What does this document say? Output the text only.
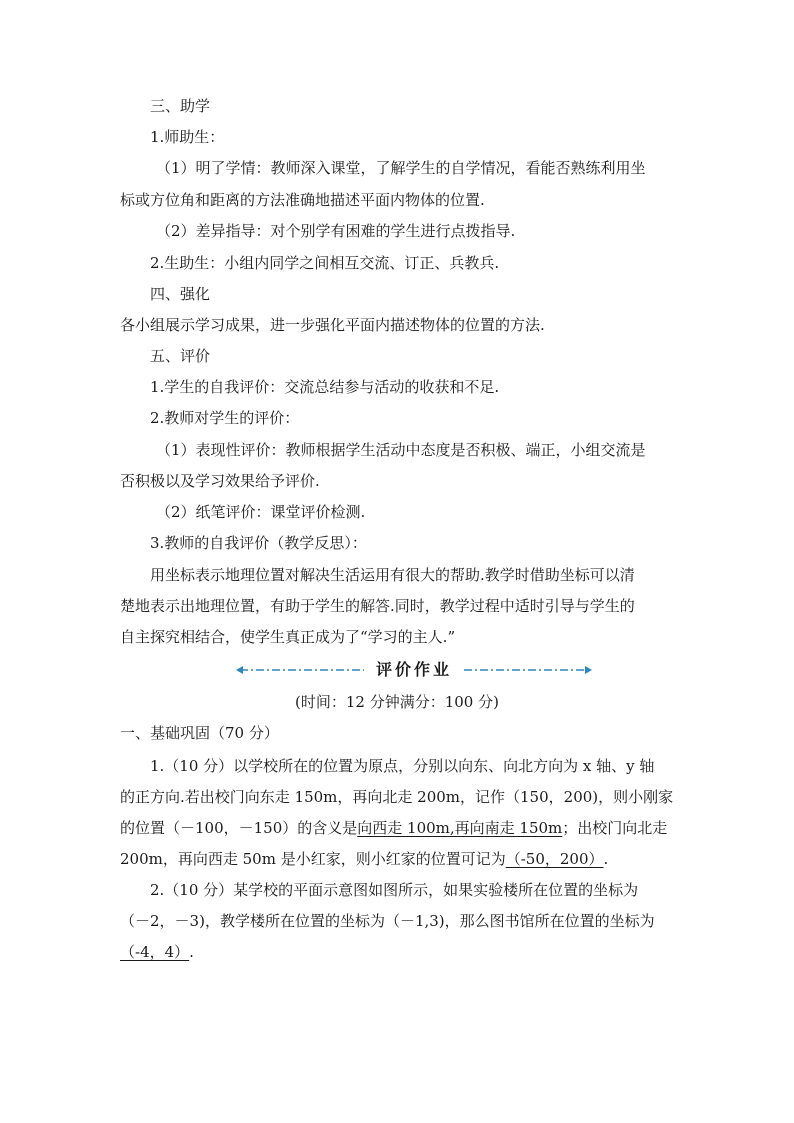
三、助学
1.师助生：
（1）明了学情：教师深入课堂，了解学生的自学情况，看能否熟练利用坐
标或方位角和距离的方法准确地描述平面内物体的位置.
（2）差异指导：对个别学有困难的学生进行点拨指导.
2.生助生：小组内同学之间相互交流、订正、兵教兵.
四、强化
各小组展示学习成果，进一步强化平面内描述物体的位置的方法.
五、评价
1.学生的自我评价：交流总结参与活动的收获和不足.
2.教师对学生的评价：
（1）表现性评价：教师根据学生活动中态度是否积极、端正，小组交流是
否积极以及学习效果给予评价.
（2）纸笔评价：课堂评价检测.
3.教师的自我评价（教学反思）：
用坐标表示地理位置对解决生活运用有很大的帮助.教学时借助坐标可以清
楚地表示出地理位置，有助于学生的解答.同时，教学过程中适时引导与学生的
自主探究相结合，使学生真正成为了“学习的主人.”
评价作业
(时间：12 分钟满分：100 分)
一、基础巩固（70 分）
1.（10 分）以学校所在的位置为原点，分别以向东、向北方向为 x 轴、y 轴
的正方向.若出校门向东走 150m，再向北走 200m，记作（150，200)，则小刚家
的位置（－100，－150）的含义是向西走 100m,再向南走 150m；出校门向北走
200m，再向西走 50m 是小红家，则小红家的位置可记为（-50，200）.
2.（10 分）某学校的平面示意图如图所示，如果实验楼所在位置的坐标为
（－2，－3)，教学楼所在位置的坐标为（－1,3)，那么图书馆所在位置的坐标为
（-4，4）.
